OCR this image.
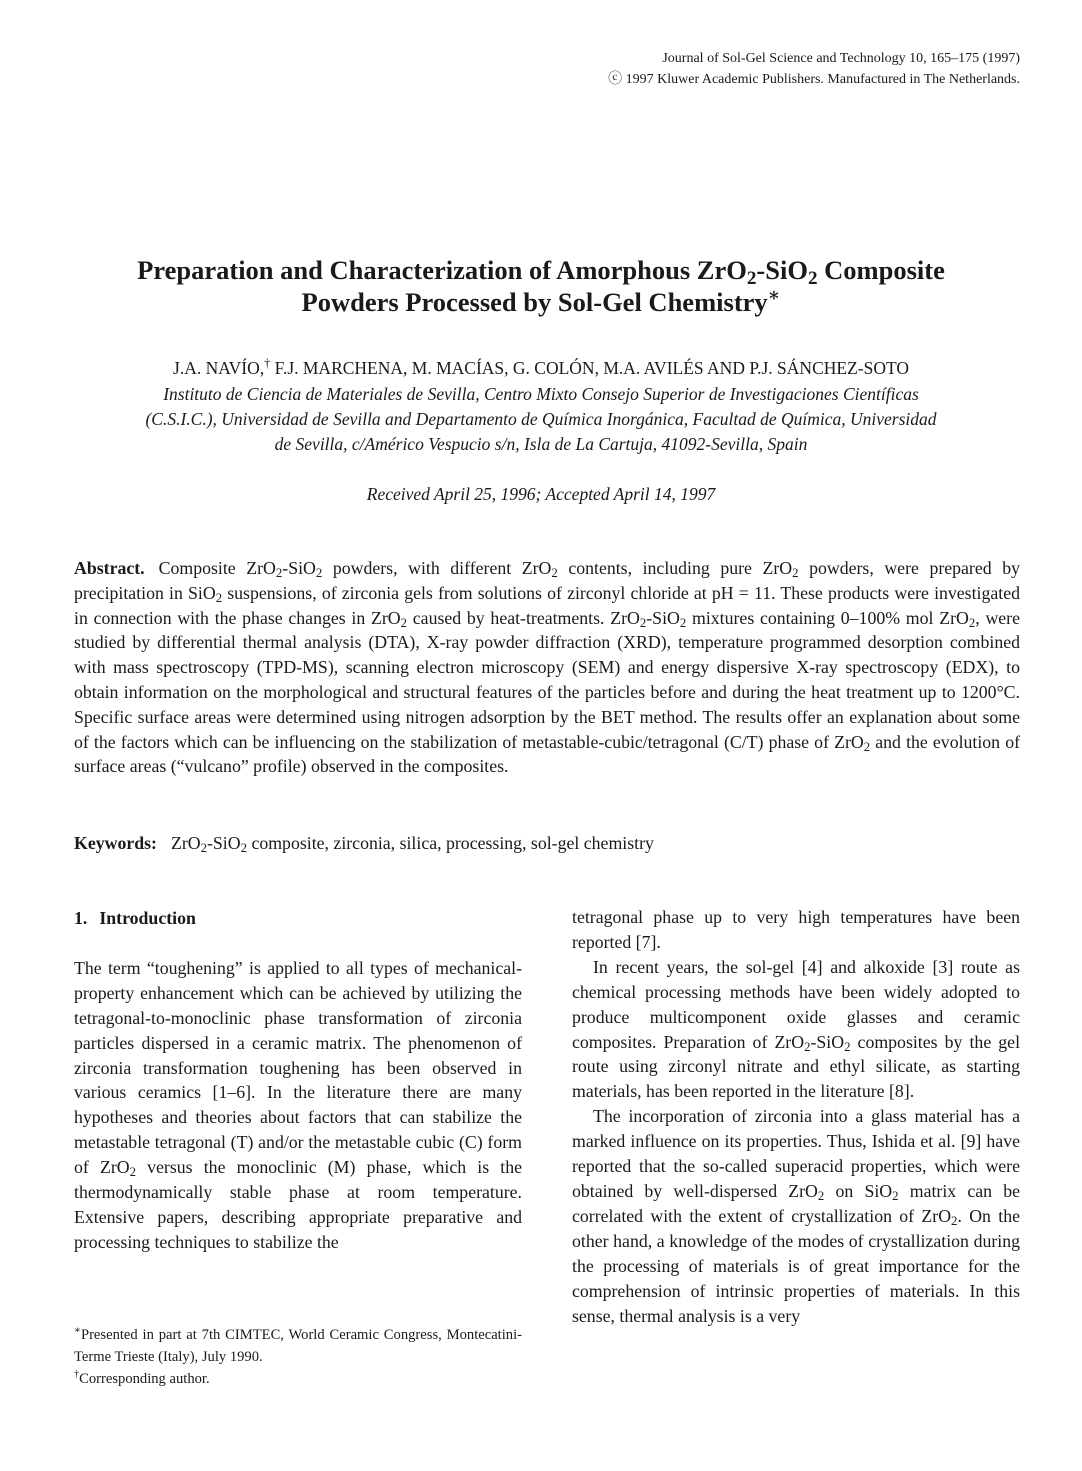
Journal of Sol-Gel Science and Technology 10, 165–175 (1997)
ⓒ 1997 Kluwer Academic Publishers. Manufactured in The Netherlands.
Preparation and Characterization of Amorphous ZrO$_2$-SiO$_2$ Composite
Powders Processed by Sol-Gel Chemistry∗
J.A. NAVÍO,† F.J. MARCHENA, M. MACÍAS, G. COLÓN, M.A. AVILÉS AND P.J. SÁNCHEZ-SOTO
Instituto de Ciencia de Materiales de Sevilla, Centro Mixto Consejo Superior de Investigaciones Científicas
(C.S.I.C.), Universidad de Sevilla and Departamento de Química Inorgánica, Facultad de Química, Universidad
de Sevilla, c/Américo Vespucio s/n, Isla de La Cartuja, 41092-Sevilla, Spain
Received April 25, 1996; Accepted April 14, 1997
Abstract. Composite ZrO$_2$-SiO$_2$ powders, with different ZrO$_2$ contents, including pure ZrO$_2$ powders, were prepared by precipitation in SiO$_2$ suspensions, of zirconia gels from solutions of zirconyl chloride at pH = 11. These products were investigated in connection with the phase changes in ZrO$_2$ caused by heat-treatments. ZrO$_2$-SiO$_2$ mixtures containing 0–100% mol ZrO$_2$, were studied by differential thermal analysis (DTA), X-ray powder diffraction (XRD), temperature programmed desorption combined with mass spectroscopy (TPD-MS), scanning electron microscopy (SEM) and energy dispersive X-ray spectroscopy (EDX), to obtain information on the morphological and structural features of the particles before and during the heat treatment up to 1200°C. Specific surface areas were determined using nitrogen adsorption by the BET method. The results offer an explanation about some of the factors which can be influencing on the stabilization of metastable-cubic/tetragonal (C/T) phase of ZrO$_2$ and the evolution of surface areas (“vulcano” profile) observed in the composites.
Keywords: ZrO$_2$-SiO$_2$ composite, zirconia, silica, processing, sol-gel chemistry

1. Introduction

The term “toughening” is applied to all types of mechanical-property enhancement which can be achieved by utilizing the tetragonal-to-monoclinic phase transformation of zirconia particles dispersed in a ceramic matrix. The phenomenon of zirconia transformation toughening has been observed in various ceramics [1–6]. In the literature there are many hypotheses and theories about factors that can stabilize the metastable tetragonal (T) and/or the metastable cubic (C) form of ZrO$_2$ versus the monoclinic (M) phase, which is the thermodynamically stable phase at room temperature. Extensive papers, describing appropriate preparative and processing techniques to stabilize the

tetragonal phase up to very high temperatures have been reported [7].

In recent years, the sol-gel [4] and alkoxide [3] route as chemical processing methods have been widely adopted to produce multicomponent oxide glasses and ceramic composites. Preparation of ZrO$_2$-SiO$_2$ composites by the gel route using zirconyl nitrate and ethyl silicate, as starting materials, has been reported in the literature [8].

The incorporation of zirconia into a glass material has a marked influence on its properties. Thus, Ishida et al. [9] have reported that the so-called superacid properties, which were obtained by well-dispersed ZrO$_2$ on SiO$_2$ matrix can be correlated with the extent of crystallization of ZrO$_2$. On the other hand, a knowledge of the modes of crystallization during the processing of materials is of great importance for the comprehension of intrinsic properties of materials. In this sense, thermal analysis is a very

∗Presented in part at 7th CIMTEC, World Ceramic Congress, Montecatini-Terme Trieste (Italy), July 1990.

†Corresponding author.
